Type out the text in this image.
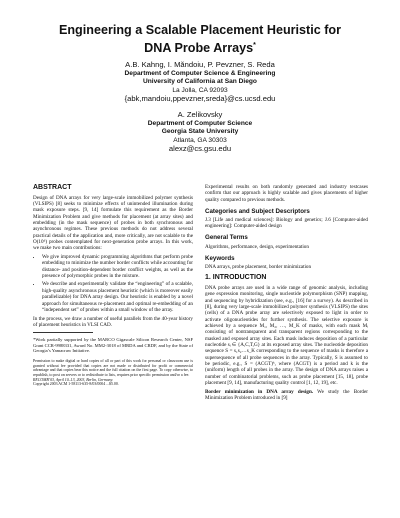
Engineering a Scalable Placement Heuristic for
DNA Probe Arrays*
A.B. Kahng, I. Măndoiu, P. Pevzner, S. Reda
Department of Computer Science & Engineering
University of California at San Diego
La Jolla, CA 92093
{abk,mandoiu,ppevzner,sreda}@cs.ucsd.edu
A. Zelikovsky
Department of Computer Science
Georgia State University
Atlanta, GA 30303
alexz@cs.gsu.edu
ABSTRACT

Design of DNA arrays for very large-scale immobilized polymer synthesis (VLSIPS) [8] seeks to minimize effects of unintended illumination during mask exposure steps. [9, 14] formulate this requirement as the Border Minimization Problem and give methods for placement (at array sites) and embedding (in the mask sequence) of probes in both synchronous and asynchronous regimes. These previous methods do not address several practical details of the application and, more critically, are not scalable to the O(10⁶) probes contemplated for next-generation probe arrays. In this work, we make two main contributions:

• We give improved dynamic programming algorithms that perform probe embedding to minimize the number border conflicts while accounting for distance- and position-dependent border conflict weights, as well as the presence of polymorphic probes in the mixture.
• We describe and experimentally validate the “engineering” of a scalable, high-quality asynchronous placement heuristic (which is moreover easily parallelizable) for DNA array design. Our heuristic is enabled by a novel approach for simultaneous re-placement and optimal re-embedding of an “independent set” of probes within a small window of the array.

In the process, we draw a number of useful parallels from the 40-year history of placement heuristics in VLSI CAD.

*Work partially supported by the MARCO Gigascale Silicon Research Center, NSF Grant CCR-9988331, Award No. MM2-3018 of MRDA and CRDF, and by the State of Georgia’s Yamacraw Initiative.
Permission to make digital or hard copies of all or part of this work for personal or classroom use is granted without fee provided that copies are not made or distributed for profit or commercial advantage and that copies bear this notice and the full citation on the first page. To copy otherwise, to republish, to post on servers or to redistribute to lists, requires prior specific permission and/or a fee.
RECOMB’03, April 10–13, 2003, Berlin, Germany.
Copyright 2003 ACM 1-58113-635-8/03/0004 ...$5.00.

Experimental results on both randomly generated and industry testcases confirm that our approach is highly scalable and gives placements of higher quality compared to previous methods.

Categories and Subject Descriptors

J.3 [Life and medical sciences]: Biology and genetics; J.6 [Computer-aided engineering]: Computer-aided design

General Terms

Algorithms, performance, design, experimentation

Keywords

DNA arrays, probe placement, border minimization

1. INTRODUCTION

DNA probe arrays are used in a wide range of genomic analysis, including gene expression monitoring, single nucleotide polymorphism (SNP) mapping, and sequencing by hybridization (see, e.g., [16] for a survey). As described in [8], during very large-scale immobilized polymer synthesis (VLSIPS) the sites (cells) of a DNA probe array are selectively exposed to light in order to activate oligonucleotides for further synthesis. The selective exposure is achieved by a sequence M₁, M₂, …, M_K of masks, with each mask Mᵢ consisting of nontransparent and transparent regions corresponding to the masked and exposed array sites. Each mask induces deposition of a particular nucleotide sᵢ ∈ {A,C,T,G} at its exposed array sites. The nucleotide deposition sequence S = s₁s₂…s_K corresponding to the sequence of masks is therefore a supersequence of all probe sequences in the array. Typically, S is assumed to be periodic, e.g., S = (ACGT)ᵏ, where (ACGT) is a period and k is the (uniform) length of all probes in the array. The design of DNA arrays raises a number of combinatorial problems, such as probe placement [15, 18], probe placement [9, 14], manufacturing quality control [1, 12, 19], etc.

Border minimization in DNA array design. We study the Border Minimization Problem introduced in [9]
